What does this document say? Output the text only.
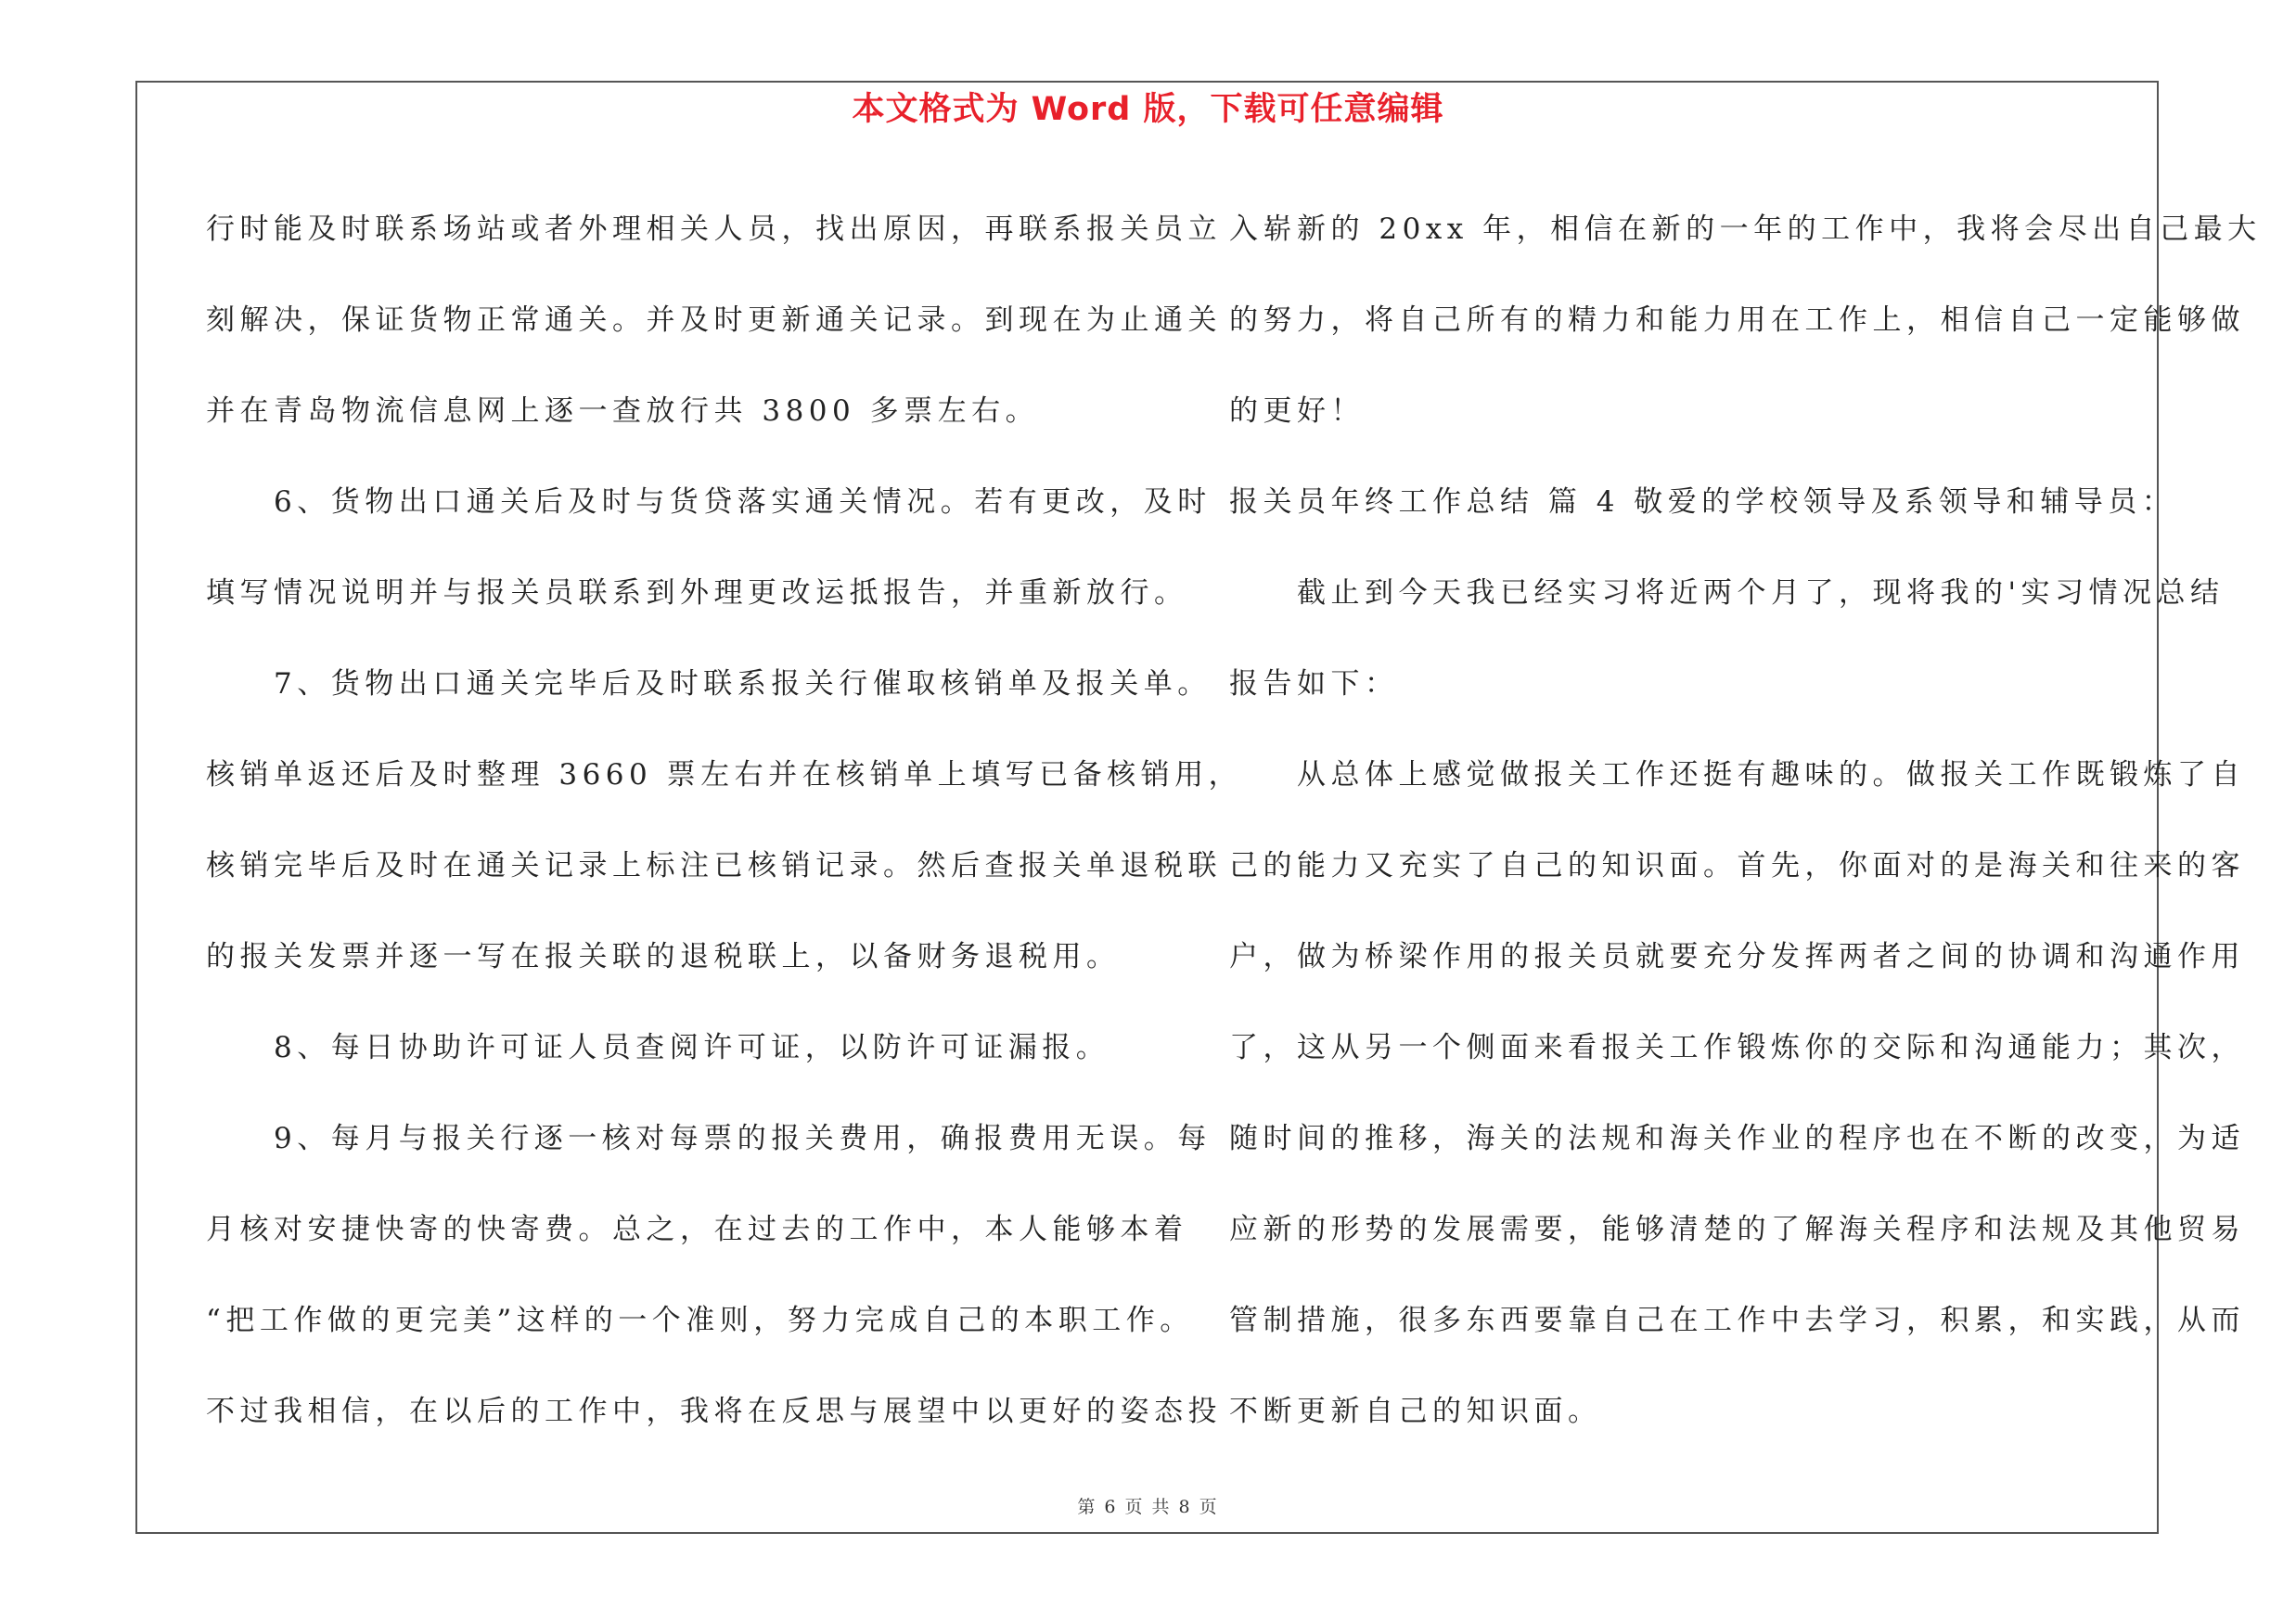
本文格式为 Word 版，下载可任意编辑
行时能及时联系场站或者外理相关人员，找出原因，再联系报关员立
刻解决，保证货物正常通关。并及时更新通关记录。到现在为止通关
并在青岛物流信息网上逐一查放行共 3800 多票左右。
　　6、货物出口通关后及时与货贷落实通关情况。若有更改，及时
填写情况说明并与报关员联系到外理更改运抵报告，并重新放行。
　　7、货物出口通关完毕后及时联系报关行催取核销单及报关单。
核销单返还后及时整理 3660 票左右并在核销单上填写已备核销用，
核销完毕后及时在通关记录上标注已核销记录。然后查报关单退税联
的报关发票并逐一写在报关联的退税联上，以备财务退税用。
　　8、每日协助许可证人员查阅许可证，以防许可证漏报。
　　9、每月与报关行逐一核对每票的报关费用，确报费用无误。每
月核对安捷快寄的快寄费。总之，在过去的工作中，本人能够本着
“把工作做的更完美”这样的一个准则，努力完成自己的本职工作。
不过我相信，在以后的工作中，我将在反思与展望中以更好的姿态投
入崭新的 20xx 年，相信在新的一年的工作中，我将会尽出自己最大
的努力，将自己所有的精力和能力用在工作上，相信自己一定能够做
的更好！
报关员年终工作总结 篇 4 敬爱的学校领导及系领导和辅导员：
　　截止到今天我已经实习将近两个月了，现将我的'实习情况总结
报告如下：
　　从总体上感觉做报关工作还挺有趣味的。做报关工作既锻炼了自
己的能力又充实了自己的知识面。首先，你面对的是海关和往来的客
户，做为桥梁作用的报关员就要充分发挥两者之间的协调和沟通作用
了，这从另一个侧面来看报关工作锻炼你的交际和沟通能力；其次，
随时间的推移，海关的法规和海关作业的程序也在不断的改变，为适
应新的形势的发展需要，能够清楚的了解海关程序和法规及其他贸易
管制措施，很多东西要靠自己在工作中去学习，积累，和实践，从而
不断更新自己的知识面。
第 6 页 共 8 页
